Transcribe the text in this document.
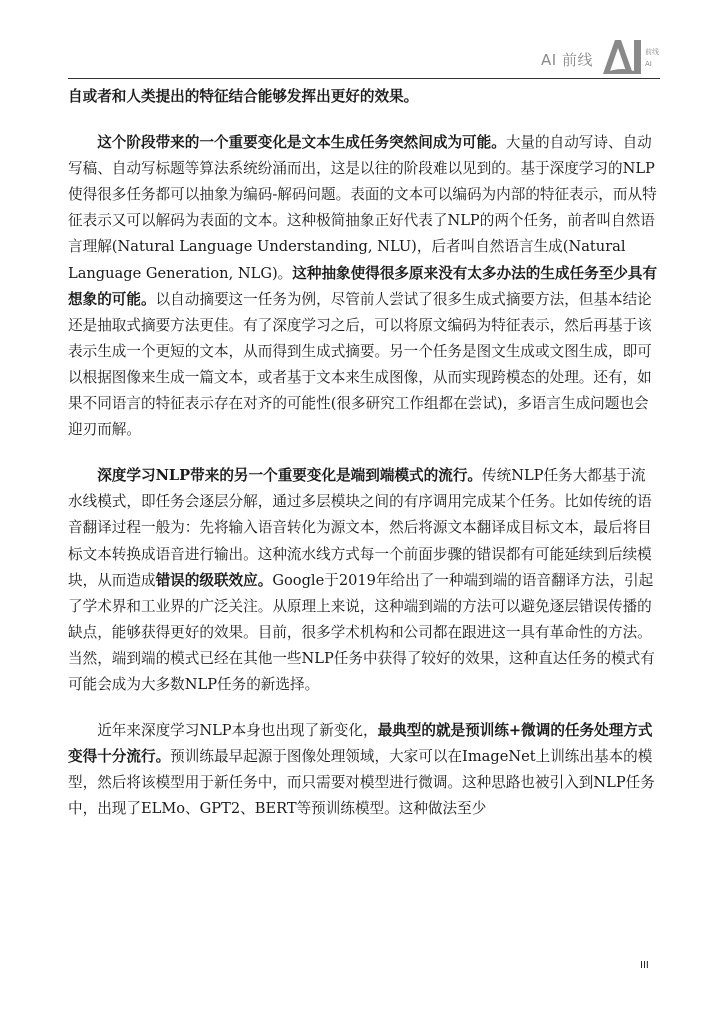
AI 前线	前线
AI

自或者和人类提出的特征结合能够发挥出更好的效果。

这个阶段带来的一个重要变化是文本生成任务突然间成为可能。大量的自动写诗、自动写稿、自动写标题等算法系统纷涌而出，这是以往的阶段难以见到的。基于深度学习的NLP使得很多任务都可以抽象为编码-解码问题。表面的文本可以编码为内部的特征表示，而从特征表示又可以解码为表面的文本。这种极简抽象正好代表了NLP的两个任务，前者叫自然语言理解(Natural Language Understanding, NLU)，后者叫自然语言生成(Natural Language Generation, NLG)。这种抽象使得很多原来没有太多办法的生成任务至少具有想象的可能。以自动摘要这一任务为例，尽管前人尝试了很多生成式摘要方法，但基本结论还是抽取式摘要方法更佳。有了深度学习之后，可以将原文编码为特征表示，然后再基于该表示生成一个更短的文本，从而得到生成式摘要。另一个任务是图文生成或文图生成，即可以根据图像来生成一篇文本，或者基于文本来生成图像，从而实现跨模态的处理。还有，如果不同语言的特征表示存在对齐的可能性(很多研究工作组都在尝试)，多语言生成问题也会迎刃而解。

深度学习NLP带来的另一个重要变化是端到端模式的流行。传统NLP任务大都基于流水线模式，即任务会逐层分解，通过多层模块之间的有序调用完成某个任务。比如传统的语音翻译过程一般为：先将输入语音转化为源文本，然后将源文本翻译成目标文本，最后将目标文本转换成语音进行输出。这种流水线方式每一个前面步骤的错误都有可能延续到后续模块，从而造成错误的级联效应。Google于2019年给出了一种端到端的语音翻译方法，引起了学术界和工业界的广泛关注。从原理上来说，这种端到端的方法可以避免逐层错误传播的缺点，能够获得更好的效果。目前，很多学术机构和公司都在跟进这一具有革命性的方法。当然，端到端的模式已经在其他一些NLP任务中获得了较好的效果，这种直达任务的模式有可能会成为大多数NLP任务的新选择。

近年来深度学习NLP本身也出现了新变化，最典型的就是预训练+微调的任务处理方式变得十分流行。预训练最早起源于图像处理领域，大家可以在ImageNet上训练出基本的模型，然后将该模型用于新任务中，而只需要对模型进行微调。这种思路也被引入到NLP任务中，出现了ELMo、GPT2、BERT等预训练模型。这种做法至少

III
